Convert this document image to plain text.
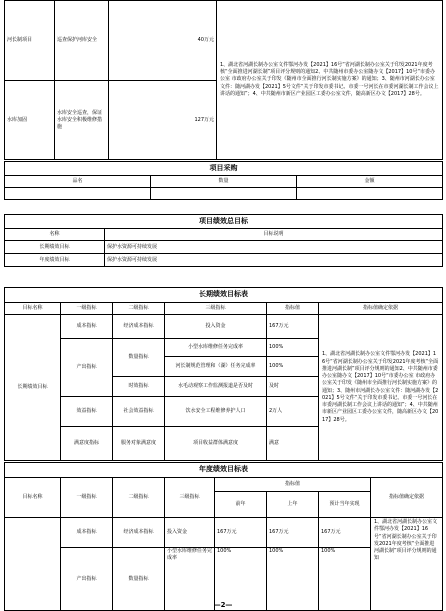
河长制项目	巡查保护河库安全	40万元	1、湖北省河湖长制办公室文件鄂河办发【2021】16号“省河湖长制办公室关于印发2021年度考核“全面推进河湖长制”项目评分规则的通知2、中共随州市委办公室随办文【2017】10号“市委办公室 市政府办公室关于印发《随州市全面推行河长制实施方案》的通知；3、随州市河湖长办公室文件：随河湖办发【2021】5号文件“关于印发市委书记、市委一号河长在市委河湖长制工作会议上讲话的通知”；4、中共随州市新区产业园区工委办公室文件，随高新区办文【2017】28号。
水库加固	水库安全巡查，保证水库安全积极维修措施	127万元	
项目采购		
品名	数量	金额

项目绩效总目标	
名称	目标说明
长期绩效目标	保护水资源可持续发展
年度绩效目标	保护水资源可持续发展
长期绩效目标表					
目标名称	一级指标	二级指标	三级指标	指标值	指标值确定依据
长期绩效目标	成本指标	经济成本指标	投入资金	167万元	1、湖北省河湖长制办公室文件鄂河办发【2021】16号“省河湖长制办公室关于印发2021年度考核“全面推进河湖长制”项目评分规则的通知2、中共随州市委办公室随办文【2017】10号“市委办公室 市政府办公室关于印发《随州市全面推行河长制实施方案》的通知；3、随州市河湖长办公室文件：随河湖办发【2021】5号文件“关于印发市委书记、市委一号河长在市委河湖长制工作会议上讲话的通知”；4、中共随州市新区产业园区工委办公室文件，随高新区办文【2017】28号。
	产出指标	数量指标	小型水库维修任务完成率	100%	
			河长制规范管理和（湖）任务完成率	100%	
		时效指标	水毛动观察工作监测报道是否及时	及时	
	效益指标	社会效益指标	饮水安全工程维修养护人口	2万人	
	满意度指标	服务对象满意度	项目收益群体满意度	满意	
年度绩效目标表							
目标名称	一级指标	二级指标	三级指标	指标值			指标值确定依据
				前年	上年	预计当年实现	
	成本指标	经济成本指标	投入资金	167万元	167万元	167万元	1、湖北省河湖长制办公室文件鄂河办发【2021】16号“省河湖长制办公室关于印发2021年度考核“全面推进河湖长制”项目评分规则的通知
	产出指标	数量指标	小型水库维修任务完成率	100%	100%	100%	
—2—
